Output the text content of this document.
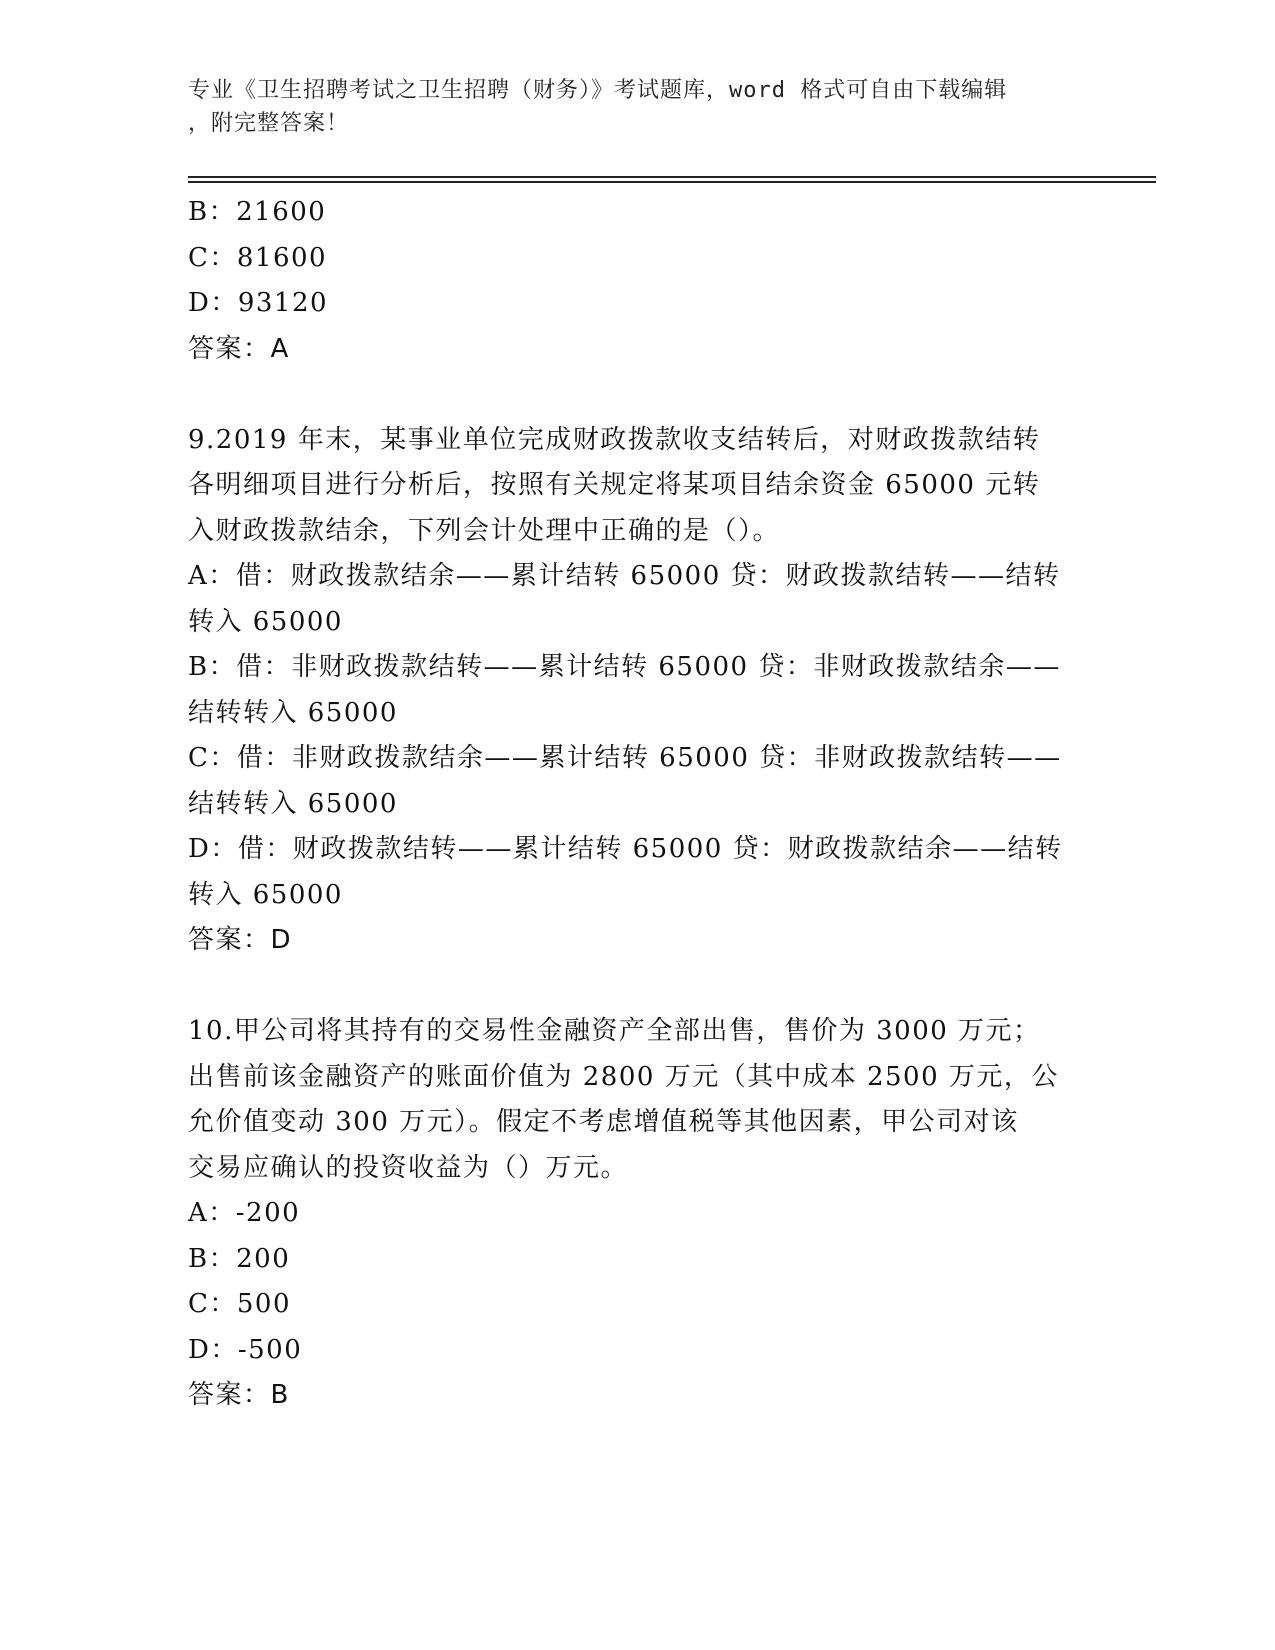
专业《卫生招聘考试之卫生招聘（财务）》考试题库，word 格式可自由下载编辑
，附完整答案！
B：21600
C：81600
D：93120
答案：A
9.2019 年末，某事业单位完成财政拨款收支结转后，对财政拨款结转
各明细项目进行分析后，按照有关规定将某项目结余资金 65000 元转
入财政拨款结余，下列会计处理中正确的是（）。
A：借：财政拨款结余——累计结转 65000 贷：财政拨款结转——结转
转入 65000
B：借：非财政拨款结转——累计结转 65000 贷：非财政拨款结余——
结转转入 65000
C：借：非财政拨款结余——累计结转 65000 贷：非财政拨款结转——
结转转入 65000
D：借：财政拨款结转——累计结转 65000 贷：财政拨款结余——结转
转入 65000
答案：D
10.甲公司将其持有的交易性金融资产全部出售，售价为 3000 万元；
出售前该金融资产的账面价值为 2800 万元（其中成本 2500 万元，公
允价值变动 300 万元）。假定不考虑增值税等其他因素，甲公司对该
交易应确认的投资收益为（）万元。
A：-200
B：200
C：500
D：-500
答案：B
